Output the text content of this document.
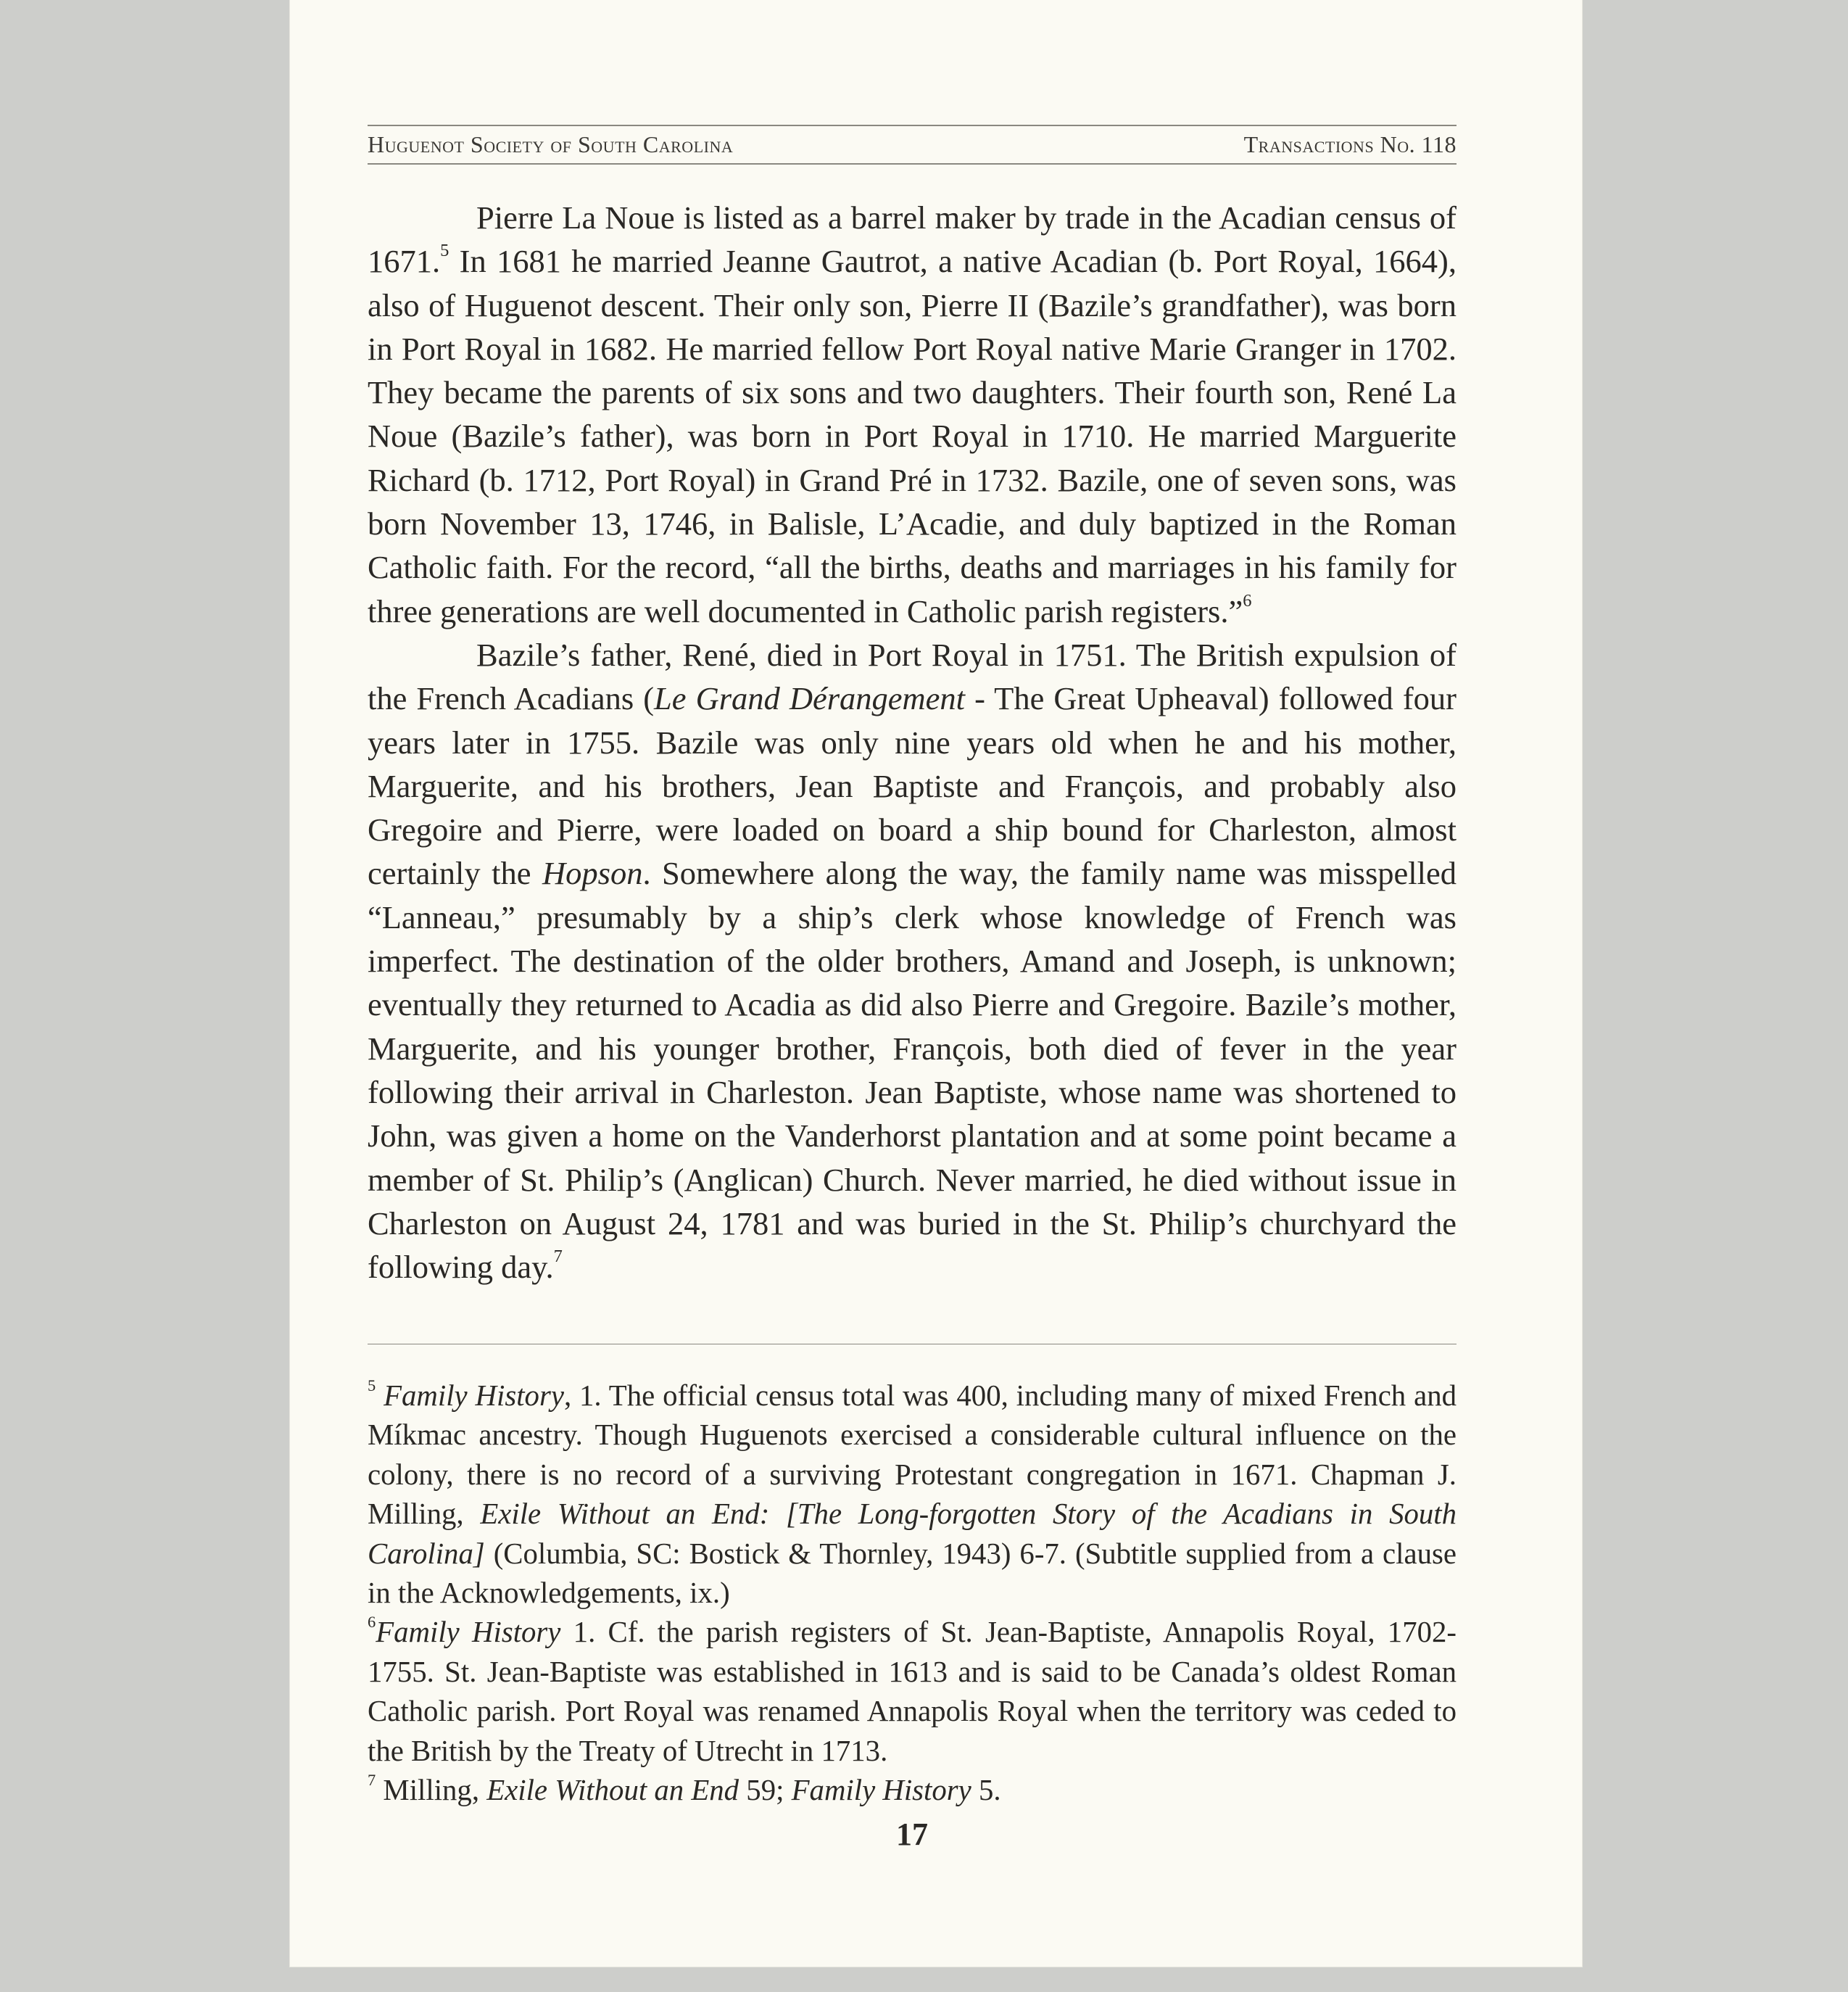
Huguenot Society of South Carolina	Transactions No. 118

Pierre La Noue is listed as a barrel maker by trade in the Acadian census of 1671.$^5$ In 1681 he married Jeanne Gautrot, a native Acadian (b. Port Royal, 1664), also of Huguenot descent. Their only son, Pierre II (Bazile’s grandfather), was born in Port Royal in 1682. He married fellow Port Royal native Marie Granger in 1702. They became the parents of six sons and two daughters. Their fourth son, René La Noue (Bazile’s father), was born in Port Royal in 1710. He married Marguerite Richard (b. 1712, Port Royal) in Grand Pré in 1732. Bazile, one of seven sons, was born November 13, 1746, in Balisle, L’Acadie, and duly baptized in the Roman Catholic faith. For the record, “all the births, deaths and marriages in his family for three generations are well documented in Catholic parish registers.”$^6$

Bazile’s father, René, died in Port Royal in 1751. The British expulsion of the French Acadians (Le Grand Dérangement - The Great Upheaval) followed four years later in 1755. Bazile was only nine years old when he and his mother, Marguerite, and his brothers, Jean Baptiste and François, and probably also Gregoire and Pierre, were loaded on board a ship bound for Charleston, almost certainly the Hopson. Somewhere along the way, the family name was misspelled “Lanneau,” presumably by a ship’s clerk whose knowledge of French was imperfect. The destination of the older brothers, Amand and Joseph, is unknown; eventually they returned to Acadia as did also Pierre and Gregoire. Bazile’s mother, Marguerite, and his younger brother, François, both died of fever in the year following their arrival in Charleston. Jean Baptiste, whose name was shortened to John, was given a home on the Vanderhorst plantation and at some point became a member of St. Philip’s (Anglican) Church. Never married, he died without issue in Charleston on August 24, 1781 and was buried in the St. Philip’s churchyard the following day.$^7$

$^5$ Family History, 1. The official census total was 400, including many of mixed French and Míkmac ancestry. Though Huguenots exercised a considerable cultural influence on the colony, there is no record of a surviving Protestant congregation in 1671. Chapman J. Milling, Exile Without an End: [The Long-forgotten Story of the Acadians in South Carolina] (Columbia, SC: Bostick & Thornley, 1943) 6-7. (Subtitle supplied from a clause in the Acknowledgements, ix.)

$^6$Family History 1. Cf. the parish registers of St. Jean-Baptiste, Annapolis Royal, 1702-1755. St. Jean-Baptiste was established in 1613 and is said to be Canada’s oldest Roman Catholic parish. Port Royal was renamed Annapolis Royal when the territory was ceded to the British by the Treaty of Utrecht in 1713.

$^7$ Milling, Exile Without an End 59; Family History 5.

17
